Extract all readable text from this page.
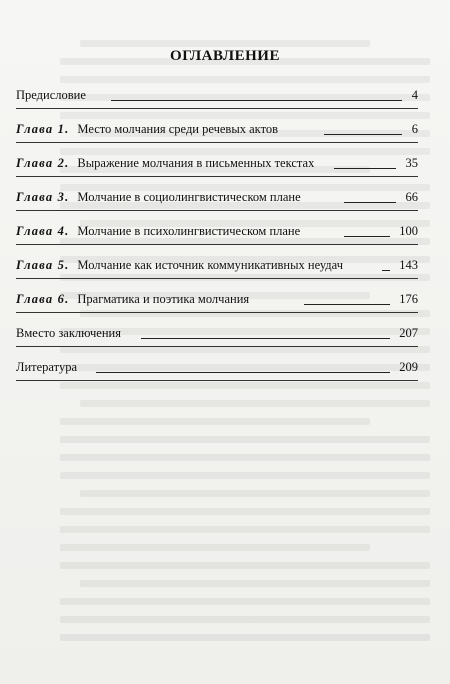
ОГЛАВЛЕНИЕ
Предисловие	4
Глава 1. Место молчания среди речевых актов	6
Глава 2. Выражение молчания в письменных текстах	35
Глава 3. Молчание в социолингвистическом плане	66
Глава 4. Молчание в психолингвистическом плане	100
Глава 5. Молчание как источник коммуникативных неудач	143
Глава 6. Прагматика и поэтика молчания	176
Вместо заключения	207
Литература	209
